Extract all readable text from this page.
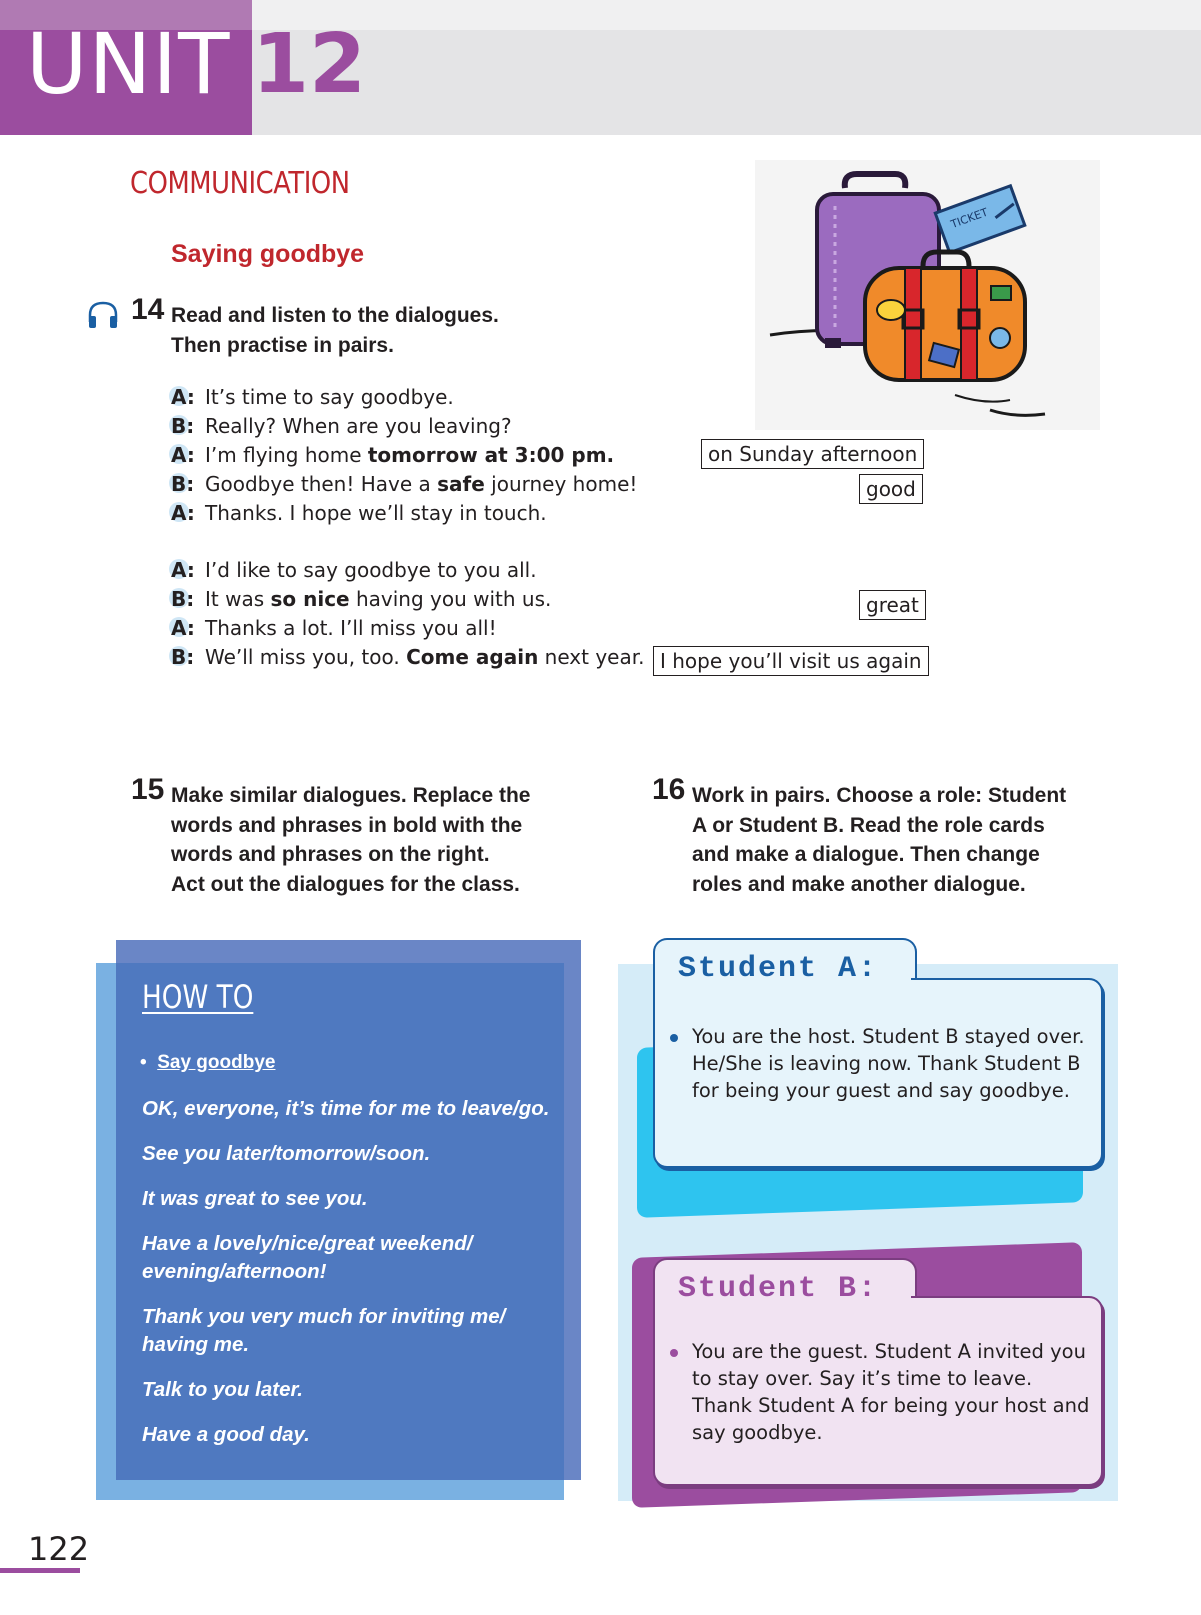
UNIT 12
COMMUNICATION
Saying goodbye
TICKET
14 Read and listen to the dialogues.
Then practise in pairs.
A: It’s time to say goodbye.
B: Really? When are you leaving?
A: I’m flying home tomorrow at 3:00 pm.
B: Goodbye then! Have a safe journey home!
A: Thanks. I hope we’ll stay in touch.
A: I’d like to say goodbye to you all.
B: It was so nice having you with us.
A: Thanks a lot. I’ll miss you all!
B: We’ll miss you, too. Come again next year.
on Sunday afternoon
good
great
I hope you’ll visit us again
15 Make similar dialogues. Replace the
words and phrases in bold with the
words and phrases on the right.
Act out the dialogues for the class.
16 Work in pairs. Choose a role: Student
A or Student B. Read the role cards
and make a dialogue. Then change
roles and make another dialogue.
HOW TO
•  Say goodbye
OK, everyone, it’s time for me to leave/go.
See you later/tomorrow/soon.
It was great to see you.
Have a lovely/nice/great weekend/ evening/afternoon!
Thank you very much for inviting me/ having me.
Talk to you later.
Have a good day.
Student A:
You are the host. Student B stayed over. He/She is leaving now. Thank Student B for being your guest and say goodbye.
Student B:
You are the guest. Student A invited you to stay over. Say it’s time to leave. Thank Student A for being your host and say goodbye.
122
